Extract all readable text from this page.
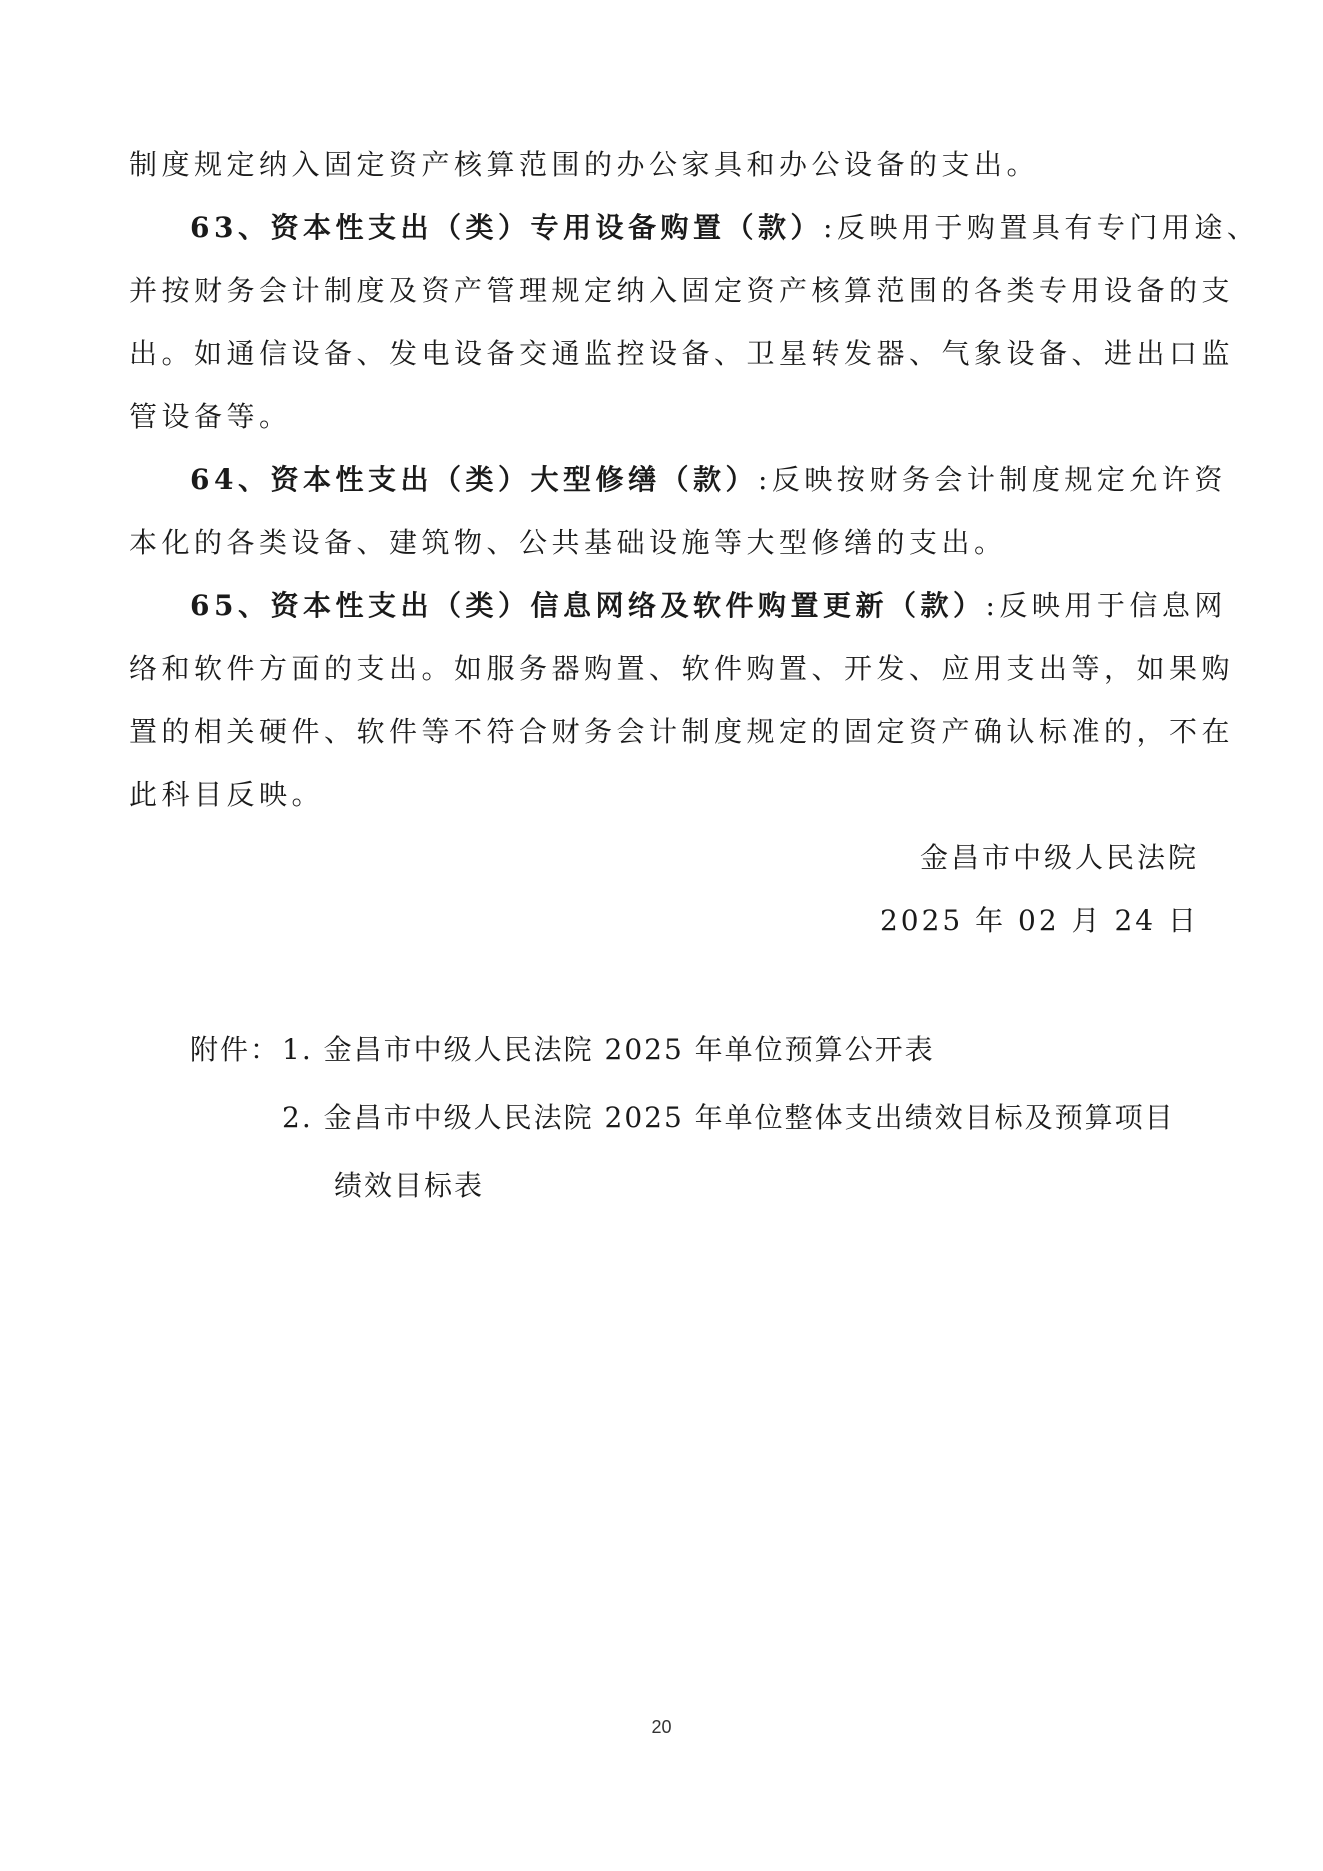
制度规定纳入固定资产核算范围的办公家具和办公设备的支出。
63、资本性支出（类）专用设备购置（款）:反映用于购置具有专门用途、
并按财务会计制度及资产管理规定纳入固定资产核算范围的各类专用设备的支
出。如通信设备、发电设备交通监控设备、卫星转发器、气象设备、进出口监
管设备等。
64、资本性支出（类）大型修缮（款）:反映按财务会计制度规定允许资
本化的各类设备、建筑物、公共基础设施等大型修缮的支出。
65、资本性支出（类）信息网络及软件购置更新（款）:反映用于信息网
络和软件方面的支出。如服务器购置、软件购置、开发、应用支出等，如果购
置的相关硬件、软件等不符合财务会计制度规定的固定资产确认标准的，不在
此科目反映。
金昌市中级人民法院
2025 年 02 月 24 日
附件： 1. 金昌市中级人民法院 2025 年单位预算公开表
2. 金昌市中级人民法院 2025 年单位整体支出绩效目标及预算项目
绩效目标表
20
